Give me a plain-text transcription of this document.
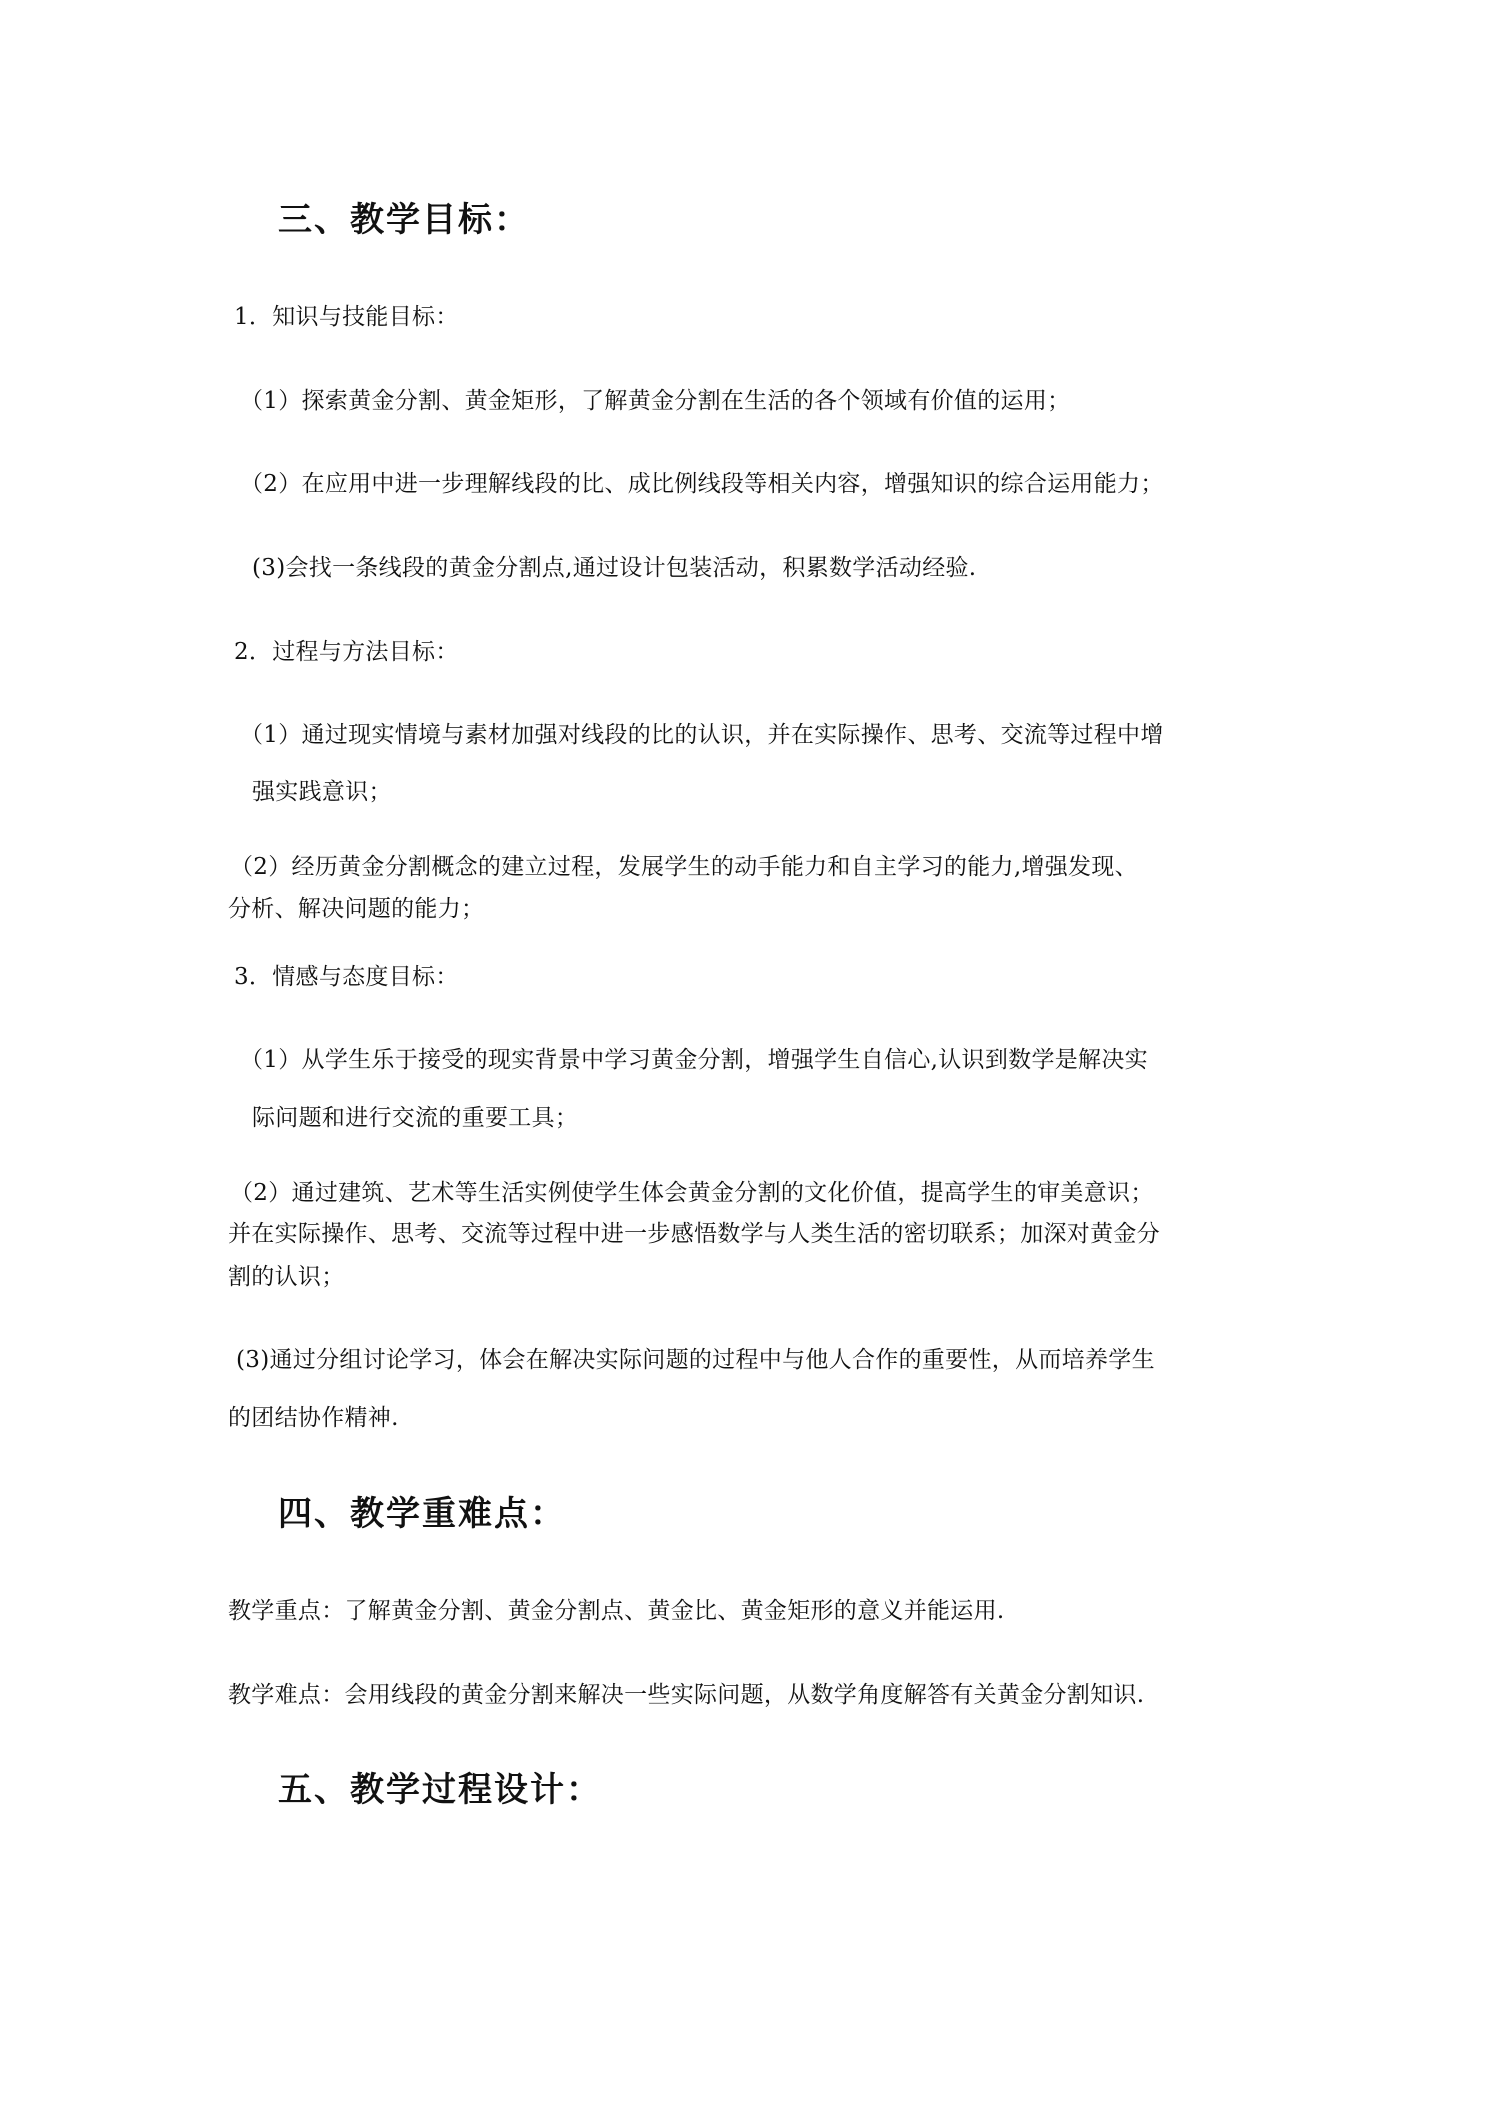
三、教学目标：
1．知识与技能目标：
（1）探索黄金分割、黄金矩形，了解黄金分割在生活的各个领域有价值的运用；
（2）在应用中进一步理解线段的比、成比例线段等相关内容，增强知识的综合运用能力；
(3)会找一条线段的黄金分割点,通过设计包装活动，积累数学活动经验.
2．过程与方法目标：
（1）通过现实情境与素材加强对线段的比的认识，并在实际操作、思考、交流等过程中增
强实践意识；
（2）经历黄金分割概念的建立过程，发展学生的动手能力和自主学习的能力,增强发现、
分析、解决问题的能力；
3．情感与态度目标：
（1）从学生乐于接受的现实背景中学习黄金分割，增强学生自信心,认识到数学是解决实
际问题和进行交流的重要工具；
（2）通过建筑、艺术等生活实例使学生体会黄金分割的文化价值，提高学生的审美意识；
并在实际操作、思考、交流等过程中进一步感悟数学与人类生活的密切联系；加深对黄金分
割的认识；
(3)通过分组讨论学习，体会在解决实际问题的过程中与他人合作的重要性，从而培养学生
的团结协作精神.
四、教学重难点：
教学重点：了解黄金分割、黄金分割点、黄金比、黄金矩形的意义并能运用.
教学难点：会用线段的黄金分割来解决一些实际问题，从数学角度解答有关黄金分割知识.
五、教学过程设计：
